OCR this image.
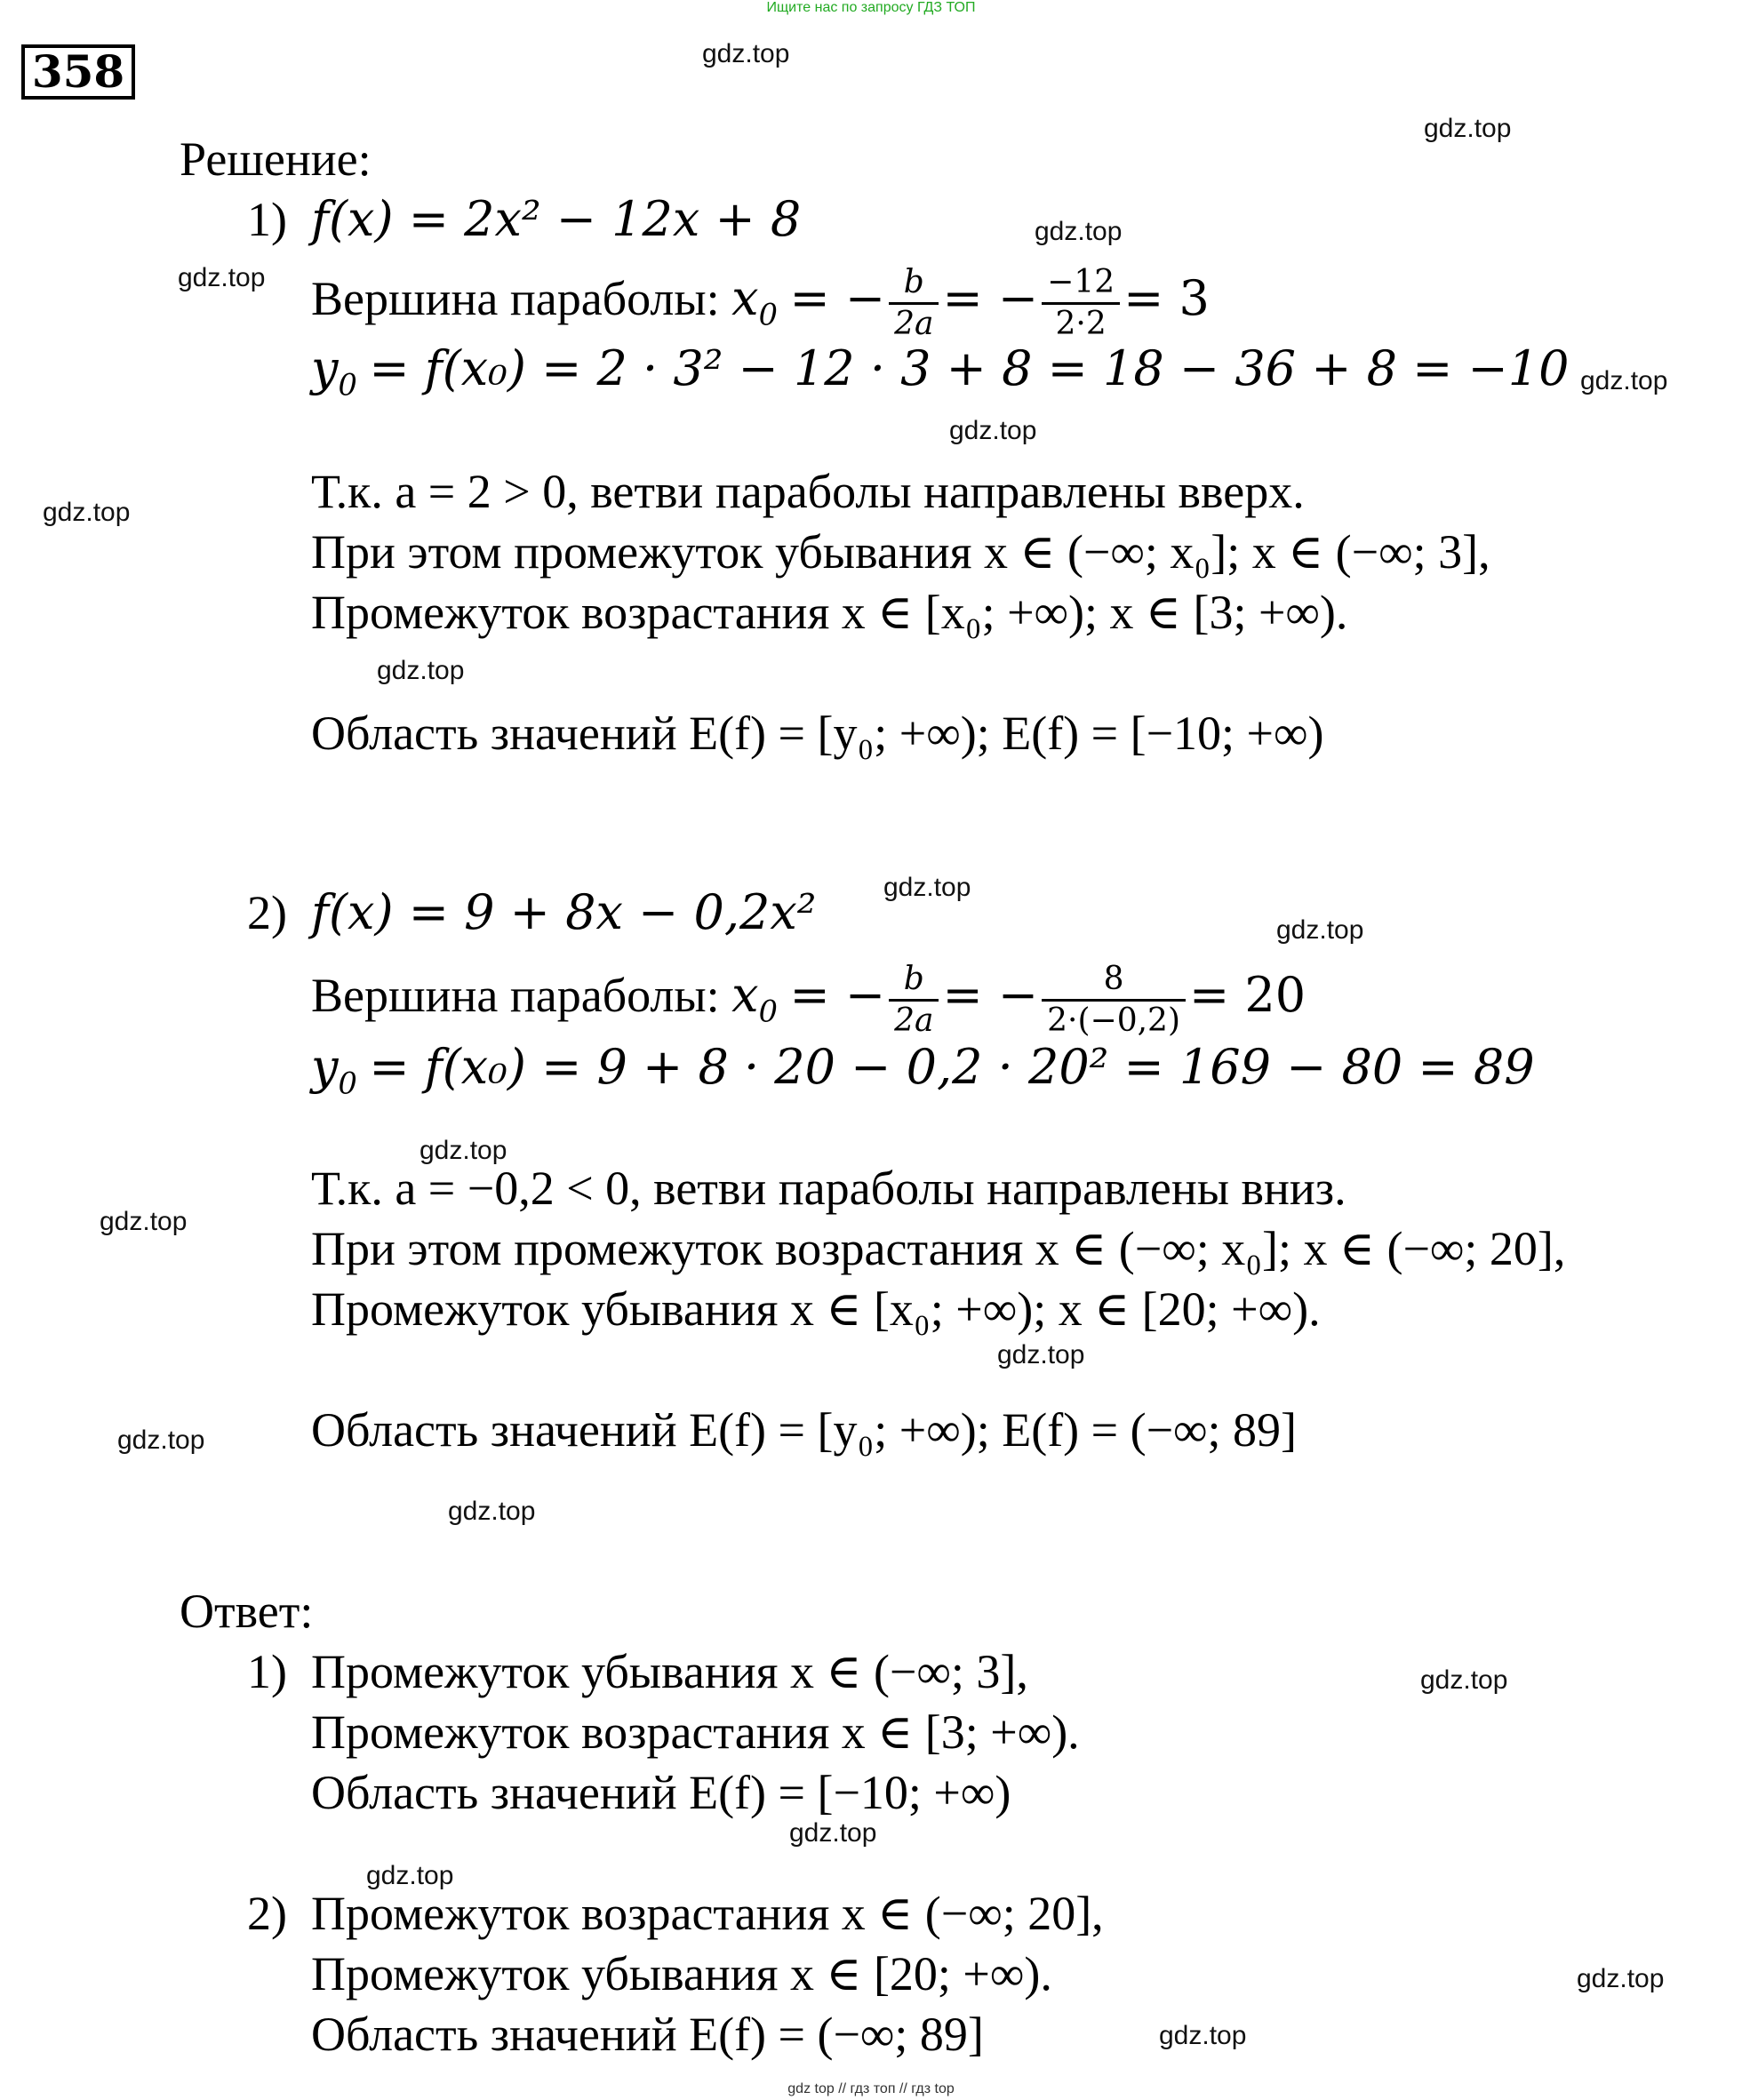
Ищите нас по запросу ГДЗ ТОП
358	gdz.top
gdz.top
gdz.top
gdz.top
gdz.top
gdz.top
gdz.top
gdz.top
gdz.top
gdz.top
gdz.top
gdz.top
gdz.top
gdz.top
gdz.top
gdz.top
gdz.top
gdz.top
gdz.top
gdz.top
Решение:
1) f(x) = 2x² − 12x + 8
Вершина параболы: $x_0$ = − $\frac{b}{2a}$ = − $\frac{-12}{2\cdot 2} = 3$
$y_0 = f(x_0) = 2 \cdot 3^2 - 12 \cdot 3 + 8 = 18 - 36 + 8 = -10$
Т.к. a = 2 > 0, ветви параболы направлены вверх.
При этом промежуток убывания x ∈ (−∞; x₀]; x ∈ (−∞; 3],
Промежуток возрастания x ∈ [x₀; +∞); x ∈ [3; +∞).
Область значений E(f) = [y₀; +∞); E(f) = [−10; +∞)
2) f(x) = 9 + 8x − 0,2x²
Вершина параболы: $x_0$ = − $\frac{b}{2a}$ = − $\frac{8}{2\cdot(-0,2)} = 20$
$y_0 = f(x_0) = 9 + 8 \cdot 20 - 0,2 \cdot 20^2 = 169 - 80 = 89$
Т.к. a = −0,2 < 0, ветви параболы направлены вниз.
При этом промежуток возрастания x ∈ (−∞; x₀]; x ∈ (−∞; 20],
Промежуток убывания x ∈ [x₀; +∞); x ∈ [20; +∞).
Область значений E(f) = [y₀; +∞); E(f) = (−∞; 89]
Ответ:
1) Промежуток убывания x ∈ (−∞; 3],
Промежуток возрастания x ∈ [3; +∞).
Область значений E(f) = [−10; +∞)
2) Промежуток возрастания x ∈ (−∞; 20],
Промежуток убывания x ∈ [20; +∞).
Область значений E(f) = (−∞; 89]
gdz top // гдз топ // гдз top
